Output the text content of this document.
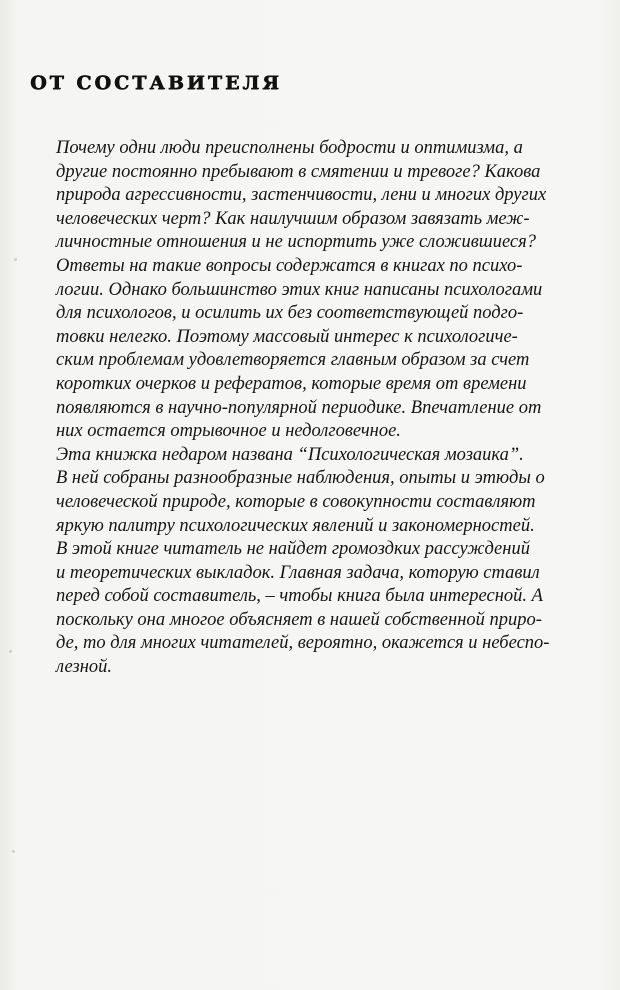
ОТ СОСТАВИТЕЛЯ

Почему одни люди преисполнены бодрости и оптимизма, а
другие постоянно пребывают в смятении и тревоге? Какова
природа агрессивности, застенчивости, лени и многих других
человеческих черт? Как наилучшим образом завязать меж-
личностные отношения и не испортить уже сложившиеся?

Ответы на такие вопросы содержатся в книгах по психо-
логии. Однако большинство этих книг написаны психологами
для психологов, и осилить их без соответствующей подго-
товки нелегко. Поэтому массовый интерес к психологиче-
ским проблемам удовлетворяется главным образом за счет
коротких очерков и рефератов, которые время от времени
появляются в научно-популярной периодике. Впечатление от
них остается отрывочное и недолговечное.

Эта книжка недаром названа “Психологическая мозаика”.
В ней собраны разнообразные наблюдения, опыты и этюды о
человеческой природе, которые в совокупности составляют
яркую палитру психологических явлений и закономерностей.

В этой книге читатель не найдет громоздких рассуждений
и теоретических выкладок. Главная задача, которую ставил
перед собой составитель, – чтобы книга была интересной. А
поскольку она многое объясняет в нашей собственной приро-
де, то для многих читателей, вероятно, окажется и небеспо-
лезной.
